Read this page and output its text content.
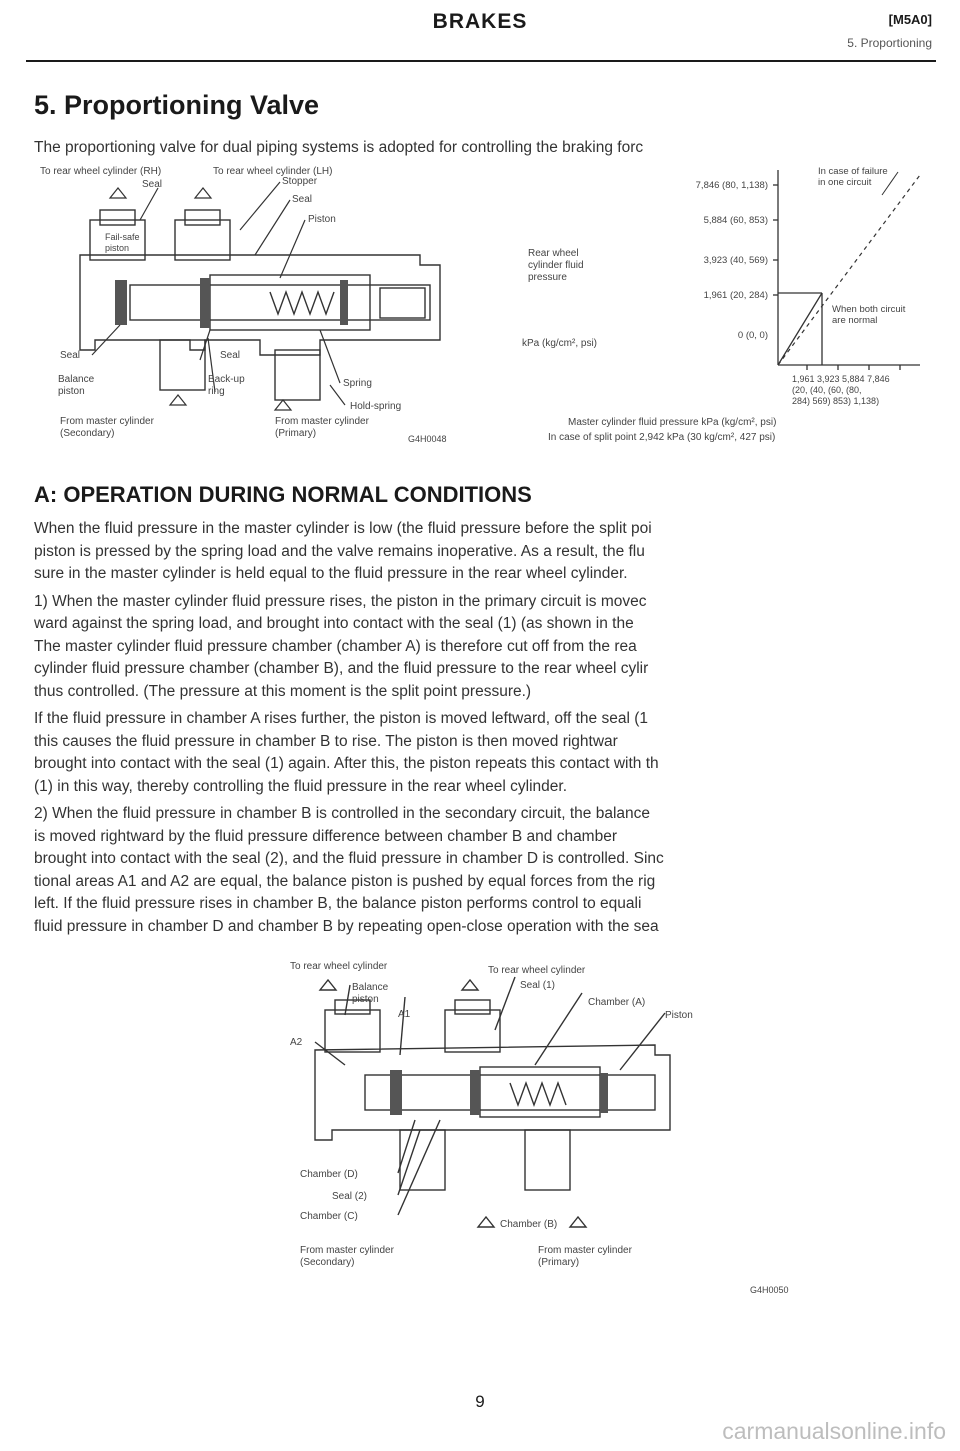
BRAKES	[M5A0]
5. Proportioning
5. Proportioning Valve
The proportioning valve for dual piping systems is adopted for controlling the braking forc
To rear wheel cylinder (RH)	To rear wheel cylinder (LH)
Seal	Stopper
Seal
Piston
Fail-safe
piston
Seal	Seal
Balance
piston
Back-up
ring
Spring
Hold-spring
From master cylinder
(Secondary)
From master cylinder
(Primary)	G4H0048
In case of failure
in one circuit
When both circuit
are normal
Rear wheel
cylinder fluid
pressure
kPa (kg/cm², psi)
7,846 (80, 1,138)
5,884 (60, 853)
3,923 (40, 569)
1,961 (20, 284)
0 (0, 0)
1,961 3,923 5,884 7,846
(20, (40, (60, (80,
284) 569) 853) 1,138)
Master cylinder fluid pressure kPa (kg/cm², psi)
In case of split point 2,942 kPa (30 kg/cm², 427 psi)
A: OPERATION DURING NORMAL CONDITIONS

When the fluid pressure in the master cylinder is low (the fluid pressure before the split poi

piston is pressed by the spring load and the valve remains inoperative. As a result, the flu

sure in the master cylinder is held equal to the fluid pressure in the rear wheel cylinder.

1) When the master cylinder fluid pressure rises, the piston in the primary circuit is movec

ward against the spring load, and brought into contact with the seal (1) (as shown in the

The master cylinder fluid pressure chamber (chamber A) is therefore cut off from the rea

cylinder fluid pressure chamber (chamber B), and the fluid pressure to the rear wheel cylir

thus controlled. (The pressure at this moment is the split point pressure.)

If the fluid pressure in chamber A rises further, the piston is moved leftward, off the seal (1

this causes the fluid pressure in chamber B to rise. The piston is then moved rightwar

brought into contact with the seal (1) again. After this, the piston repeats this contact with th

(1) in this way, thereby controlling the fluid pressure in the rear wheel cylinder.

2) When the fluid pressure in chamber B is controlled in the secondary circuit, the balance

is moved rightward by the fluid pressure difference between chamber B and chamber

brought into contact with the seal (2), and the fluid pressure in chamber D is controlled. Sinc

tional areas A1 and A2 are equal, the balance piston is pushed by equal forces from the rig

left. If the fluid pressure rises in chamber B, the balance piston performs control to equali

fluid pressure in chamber D and chamber B by repeating open-close operation with the sea

To rear wheel cylinder	To rear wheel cylinder
Balance
piston
A1
A2
Seal (1)
Chamber (A)
Piston
Chamber (D)
Seal (2)
Chamber (C)
Chamber (B)
From master cylinder
(Secondary)
From master cylinder
(Primary)
G4H0050
9
carmanualsonline.info
